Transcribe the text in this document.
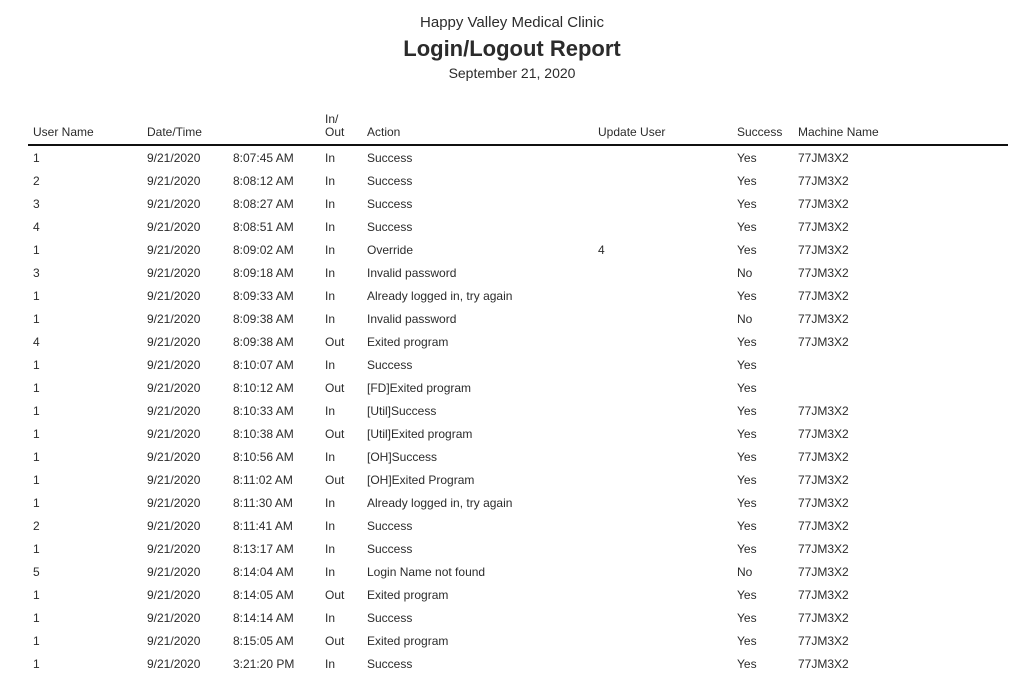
Happy Valley Medical Clinic
Login/Logout Report
September 21, 2020
User Name	Date/Time		In/
Out	Action	Update User	Success	Machine Name
1	9/21/2020	8:07:45 AM	In	Success		Yes	77JM3X2
2	9/21/2020	8:08:12 AM	In	Success		Yes	77JM3X2
3	9/21/2020	8:08:27 AM	In	Success		Yes	77JM3X2
4	9/21/2020	8:08:51 AM	In	Success		Yes	77JM3X2
1	9/21/2020	8:09:02 AM	In	Override	4	Yes	77JM3X2
3	9/21/2020	8:09:18 AM	In	Invalid password		No	77JM3X2
1	9/21/2020	8:09:33 AM	In	Already logged in, try again		Yes	77JM3X2
1	9/21/2020	8:09:38 AM	In	Invalid password		No	77JM3X2
4	9/21/2020	8:09:38 AM	Out	Exited program		Yes	77JM3X2
1	9/21/2020	8:10:07 AM	In	Success		Yes	
1	9/21/2020	8:10:12 AM	Out	[FD]Exited program		Yes	
1	9/21/2020	8:10:33 AM	In	[Util]Success		Yes	77JM3X2
1	9/21/2020	8:10:38 AM	Out	[Util]Exited program		Yes	77JM3X2
1	9/21/2020	8:10:56 AM	In	[OH]Success		Yes	77JM3X2
1	9/21/2020	8:11:02 AM	Out	[OH]Exited Program		Yes	77JM3X2
1	9/21/2020	8:11:30 AM	In	Already logged in, try again		Yes	77JM3X2
2	9/21/2020	8:11:41 AM	In	Success		Yes	77JM3X2
1	9/21/2020	8:13:17 AM	In	Success		Yes	77JM3X2
5	9/21/2020	8:14:04 AM	In	Login Name not found		No	77JM3X2
1	9/21/2020	8:14:05 AM	Out	Exited program		Yes	77JM3X2
1	9/21/2020	8:14:14 AM	In	Success		Yes	77JM3X2
1	9/21/2020	8:15:05 AM	Out	Exited program		Yes	77JM3X2
1	9/21/2020	3:21:20 PM	In	Success		Yes	77JM3X2
